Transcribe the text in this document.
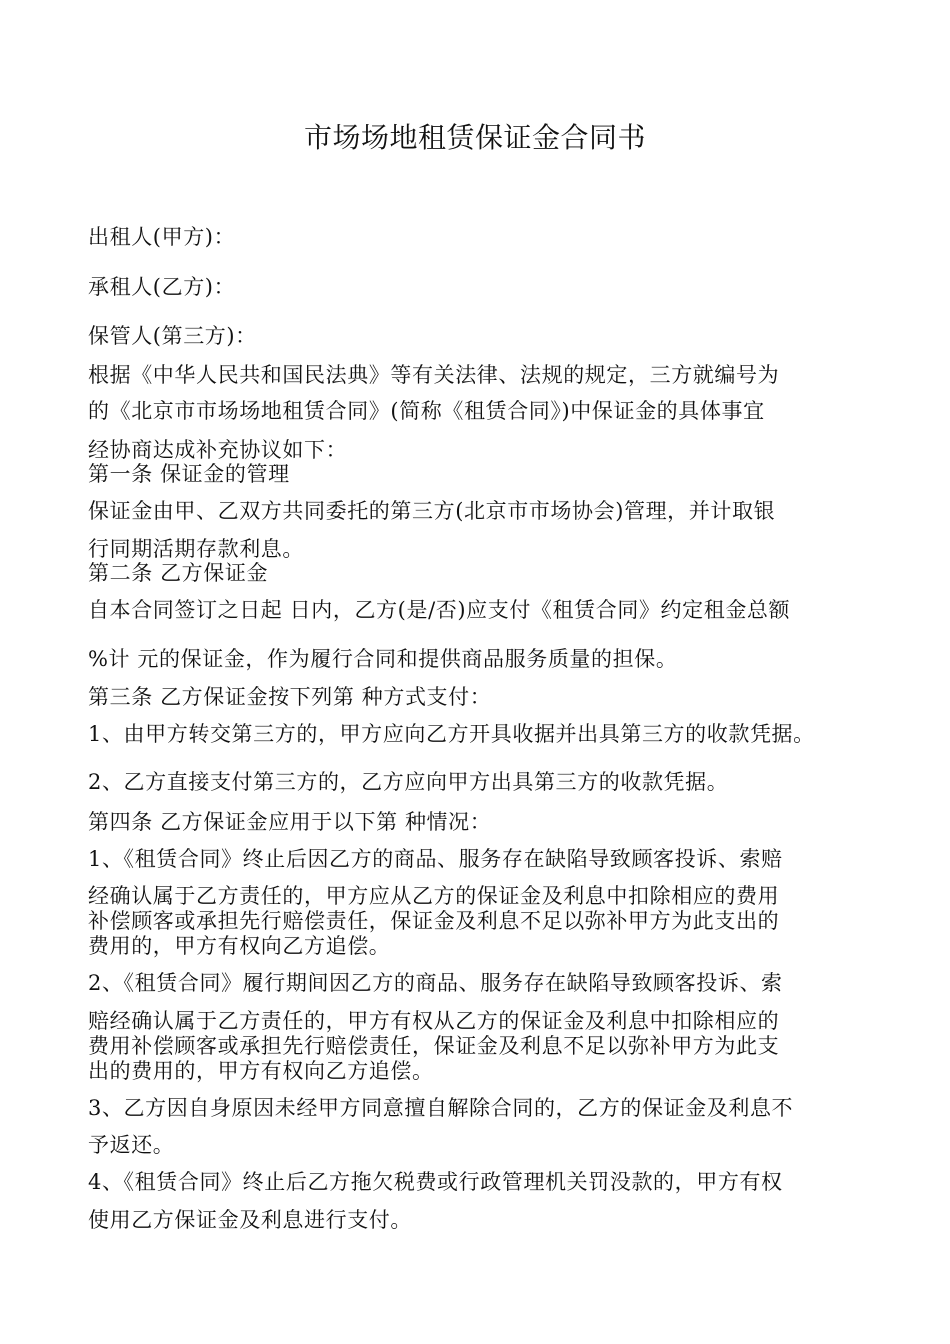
市场场地租赁保证金合同书
出租人(甲方)：
承租人(乙方)：
保管人(第三方)：
根据《中华人民共和国民法典》等有关法律、法规的规定，三方就编号为
的《北京市市场场地租赁合同》(简称《租赁合同》)中保证金的具体事宜
经协商达成补充协议如下：
第一条 保证金的管理
保证金由甲、乙双方共同委托的第三方(北京市市场协会)管理，并计取银
行同期活期存款利息。
第二条 乙方保证金
自本合同签订之日起 日内，乙方(是/否)应支付《租赁合同》约定租金总额
%计 元的保证金，作为履行合同和提供商品服务质量的担保。
第三条 乙方保证金按下列第 种方式支付：
1、由甲方转交第三方的，甲方应向乙方开具收据并出具第三方的收款凭据。
2、乙方直接支付第三方的，乙方应向甲方出具第三方的收款凭据。
第四条 乙方保证金应用于以下第 种情况：
1、《租赁合同》终止后因乙方的商品、服务存在缺陷导致顾客投诉、索赔
经确认属于乙方责任的，甲方应从乙方的保证金及利息中扣除相应的费用
补偿顾客或承担先行赔偿责任，保证金及利息不足以弥补甲方为此支出的
费用的，甲方有权向乙方追偿。
2、《租赁合同》履行期间因乙方的商品、服务存在缺陷导致顾客投诉、索
赔经确认属于乙方责任的，甲方有权从乙方的保证金及利息中扣除相应的
费用补偿顾客或承担先行赔偿责任，保证金及利息不足以弥补甲方为此支
出的费用的，甲方有权向乙方追偿。
3、乙方因自身原因未经甲方同意擅自解除合同的，乙方的保证金及利息不
予返还。
4、《租赁合同》终止后乙方拖欠税费或行政管理机关罚没款的，甲方有权
使用乙方保证金及利息进行支付。
